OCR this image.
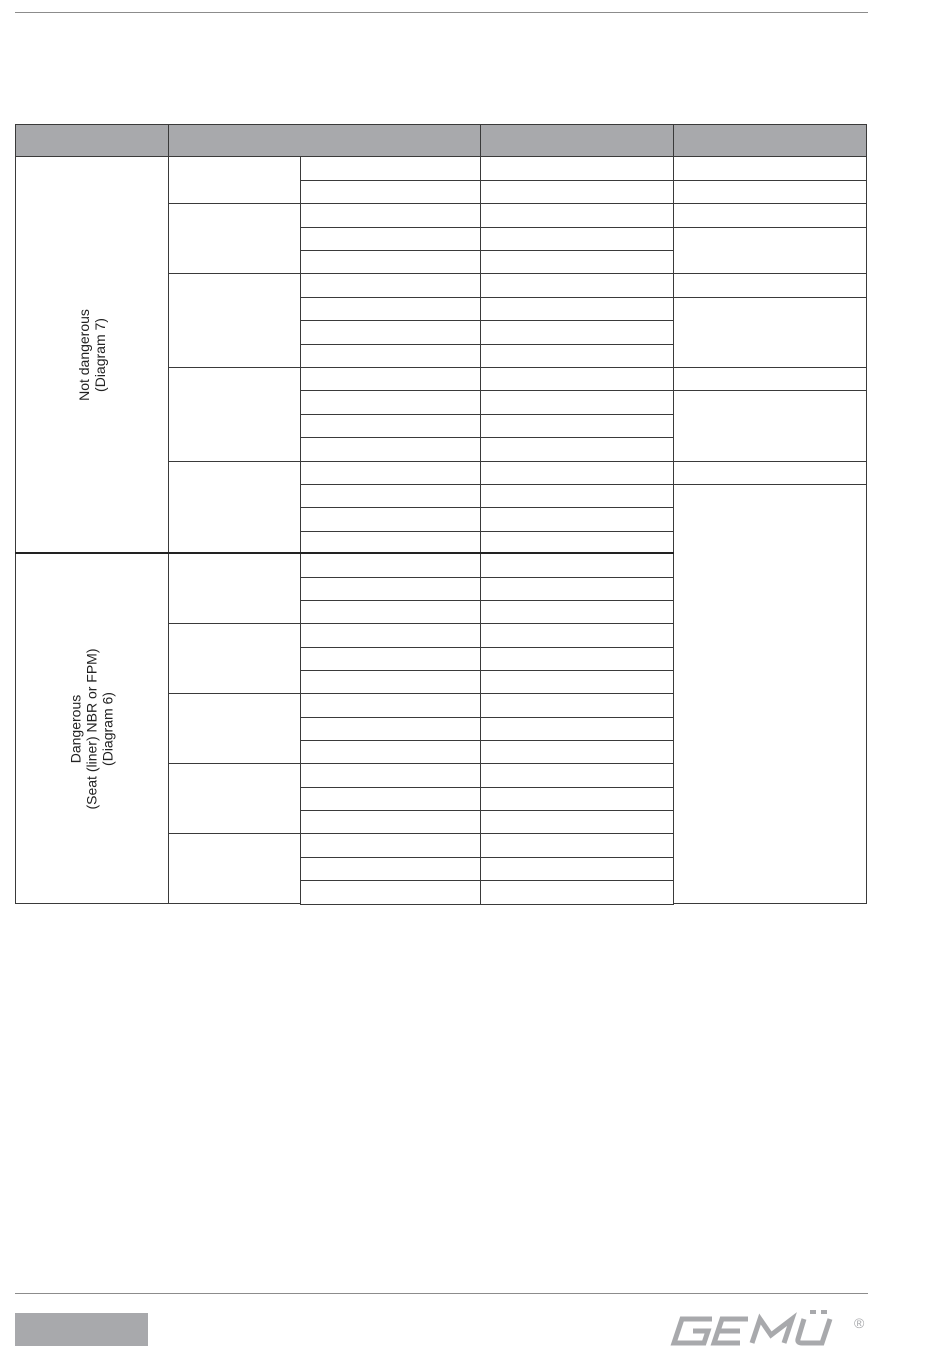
Not dangerous (Diagram 7)
Dangerous (Seat (liner) NBR or FPM) (Diagram 6)
®
